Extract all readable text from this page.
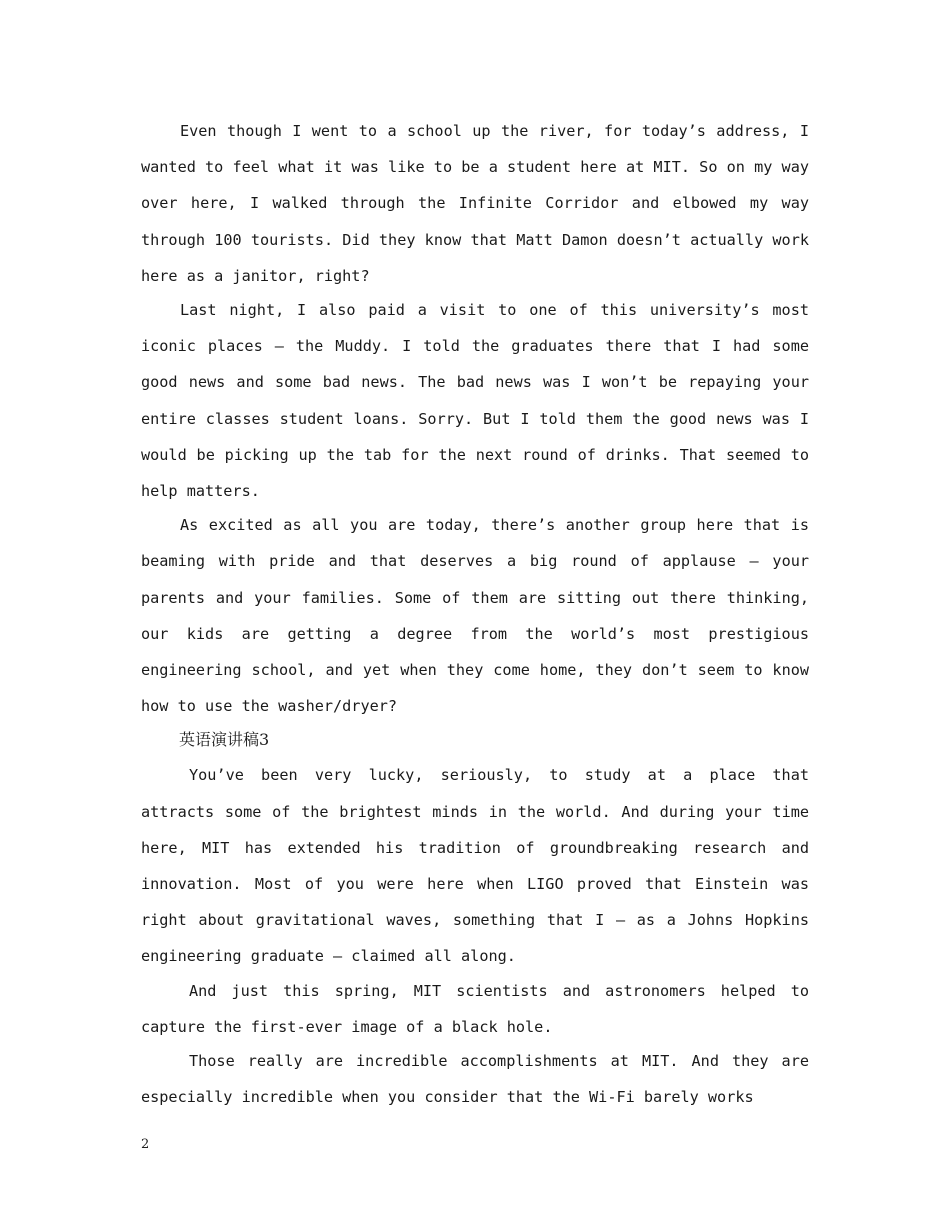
Even though I went to a school up the river, for today’s address, I wanted to feel what it was like to be a student here at MIT. So on my way over here, I walked through the Infinite Corridor and elbowed my way through 100 tourists. Did they know that Matt Damon doesn’t actually work here as a janitor, right?

Last night, I also paid a visit to one of this university’s most iconic places – the Muddy. I told the graduates there that I had some good news and some bad news. The bad news was I won’t be repaying your entire classes student loans. Sorry. But I told them the good news was I would be picking up the tab for the next round of drinks. That seemed to help matters.

As excited as all you are today, there’s another group here that is beaming with pride and that deserves a big round of applause – your parents and your families. Some of them are sitting out there thinking, our kids are getting a degree from the world’s most prestigious engineering school, and yet when they come home, they don’t seem to know how to use the washer/dryer?

英语演讲稿3

You’ve been very lucky, seriously, to study at a place that attracts some of the brightest minds in the world. And during your time here, MIT has extended his tradition of groundbreaking research and innovation. Most of you were here when LIGO proved that Einstein was right about gravitational waves, something that I – as a Johns Hopkins engineering graduate – claimed all along.

And just this spring, MIT scientists and astronomers helped to capture the first-ever image of a black hole.

Those really are incredible accomplishments at MIT. And they are especially incredible when you consider that the Wi-Fi barely works

2
